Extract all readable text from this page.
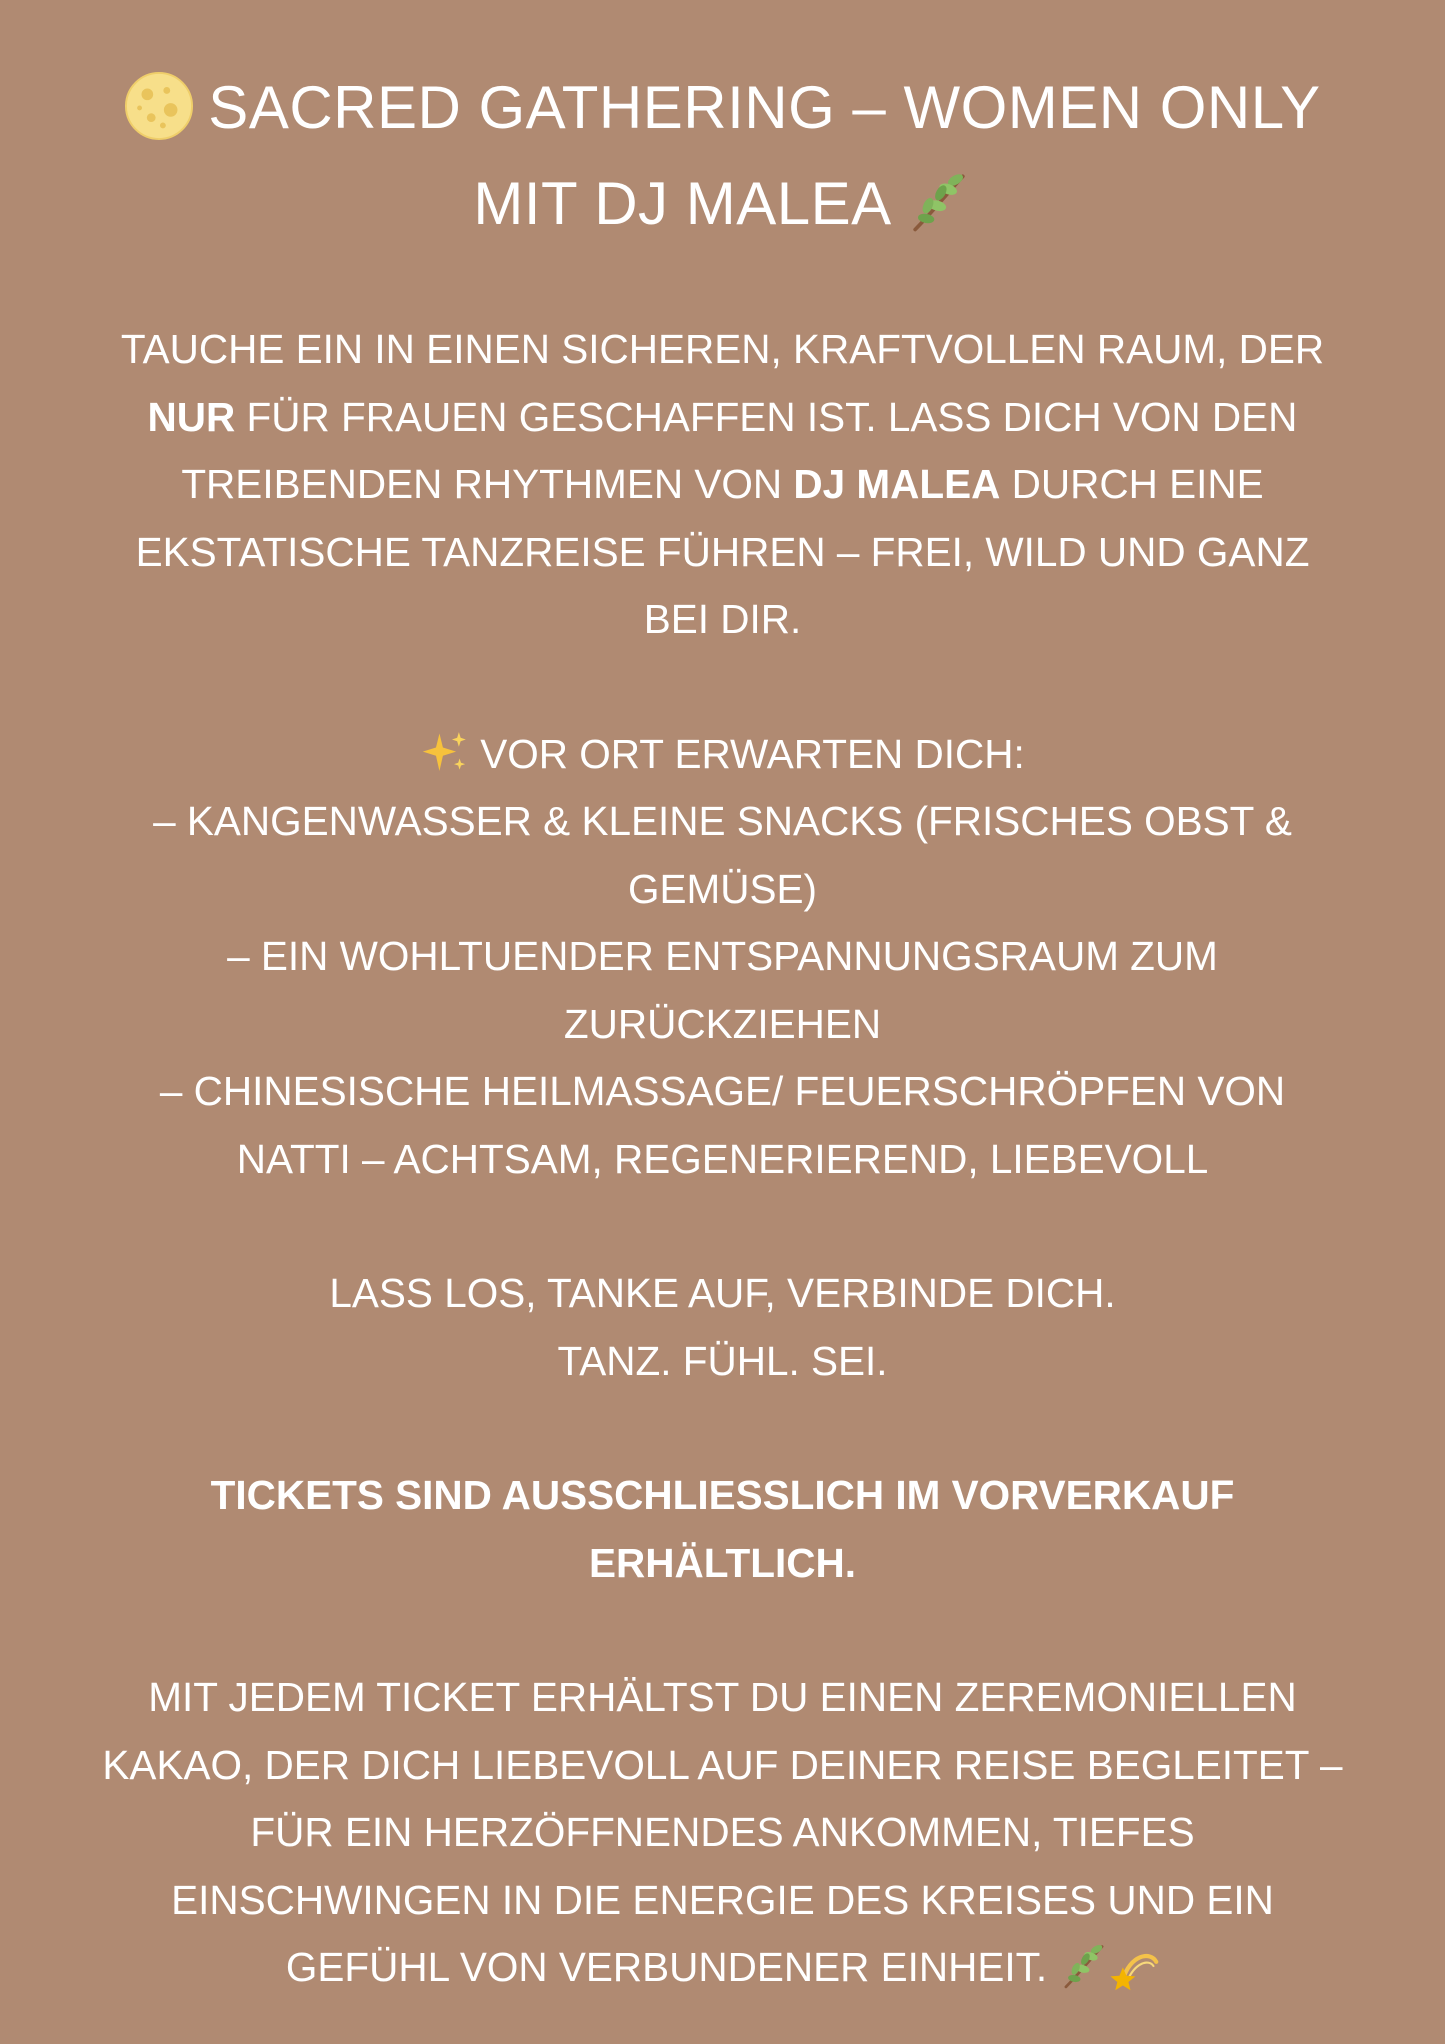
SACRED GATHERING – WOMEN ONLY
MIT DJ MALEA

TAUCHE EIN IN EINEN SICHEREN, KRAFTVOLLEN RAUM, DER
NUR FÜR FRAUEN GESCHAFFEN IST. LASS DICH VON DEN
TREIBENDEN RHYTHMEN VON DJ MALEA DURCH EINE
EKSTATISCHE TANZREISE FÜHREN – FREI, WILD UND GANZ
BEI DIR.

VOR ORT ERWARTEN DICH:
– KANGENWASSER & KLEINE SNACKS (FRISCHES OBST &
GEMÜSE)
– EIN WOHLTUENDER ENTSPANNUNGSRAUM ZUM
ZURÜCKZIEHEN
– CHINESISCHE HEILMASSAGE/ FEUERSCHRÖPFEN VON
NATTI – ACHTSAM, REGENERIEREND, LIEBEVOLL

LASS LOS, TANKE AUF, VERBINDE DICH.
TANZ. FÜHL. SEI.

TICKETS SIND AUSSCHLIESSLICH IM VORVERKAUF
ERHÄLTLICH.

MIT JEDEM TICKET ERHÄLTST DU EINEN ZEREMONIELLEN
KAKAO, DER DICH LIEBEVOLL AUF DEINER REISE BEGLEITET –
FÜR EIN HERZÖFFNENDES ANKOMMEN, TIEFES
EINSCHWINGEN IN DIE ENERGIE DES KREISES UND EIN
GEFÜHL VON VERBUNDENER EINHEIT.
